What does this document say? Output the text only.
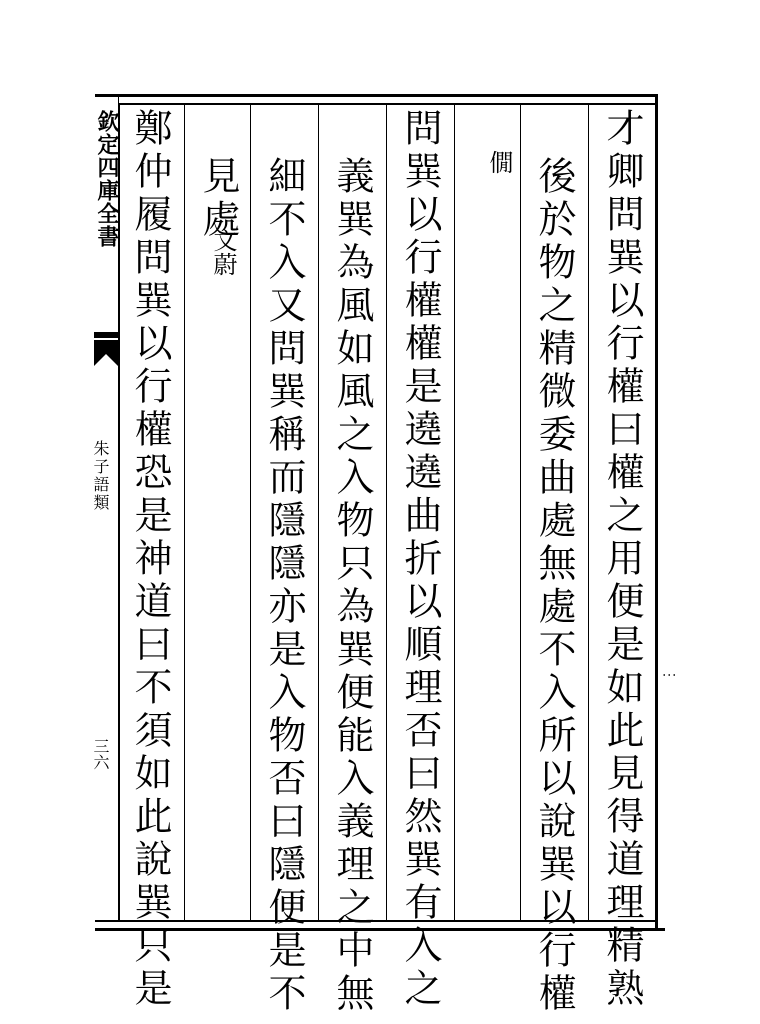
才卿問巽以行權曰權之用便是如此見得道理精熟
後於物之精微委曲處無處不入所以說巽以行權
僩
問巽以行權權是遶遶曲折以順理否曰然巽有入之
義巽為風如風之入物只為巽便能入義理之中無
細不入又問巽稱而隱隱亦是入物否曰隱便是不
見處
文蔚
鄭仲履問巽以行權恐是神道曰不須如此說巽只是
欽定四庫全書
朱子語類
三六
⋮
